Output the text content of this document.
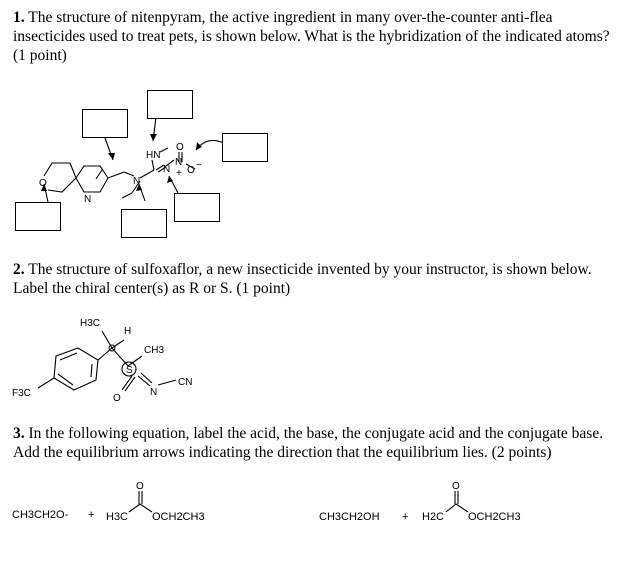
1. The structure of nitenpyram, the active ingredient in many over-the-counter anti-flea insecticides used to treat pets, is shown below. What is the hybridization of the indicated atoms? (1 point)
HN
N
N
N
O
N
+ O −
O
2. The structure of sulfoxaflor, a new insecticide invented by your instructor, is shown below. Label the chiral center(s) as R or S. (1 point)
H3C
H
CH3
S
O
N
CN
F3C
3. In the following equation, label the acid, the base, the conjugate acid and the conjugate base. Add the equilibrium arrows indicating the direction that the equilibrium lies. (2 points)
O	O
CH3CH2O- + H3C OCH2CH3	CH3CH2OH + H2C OCH2CH3
